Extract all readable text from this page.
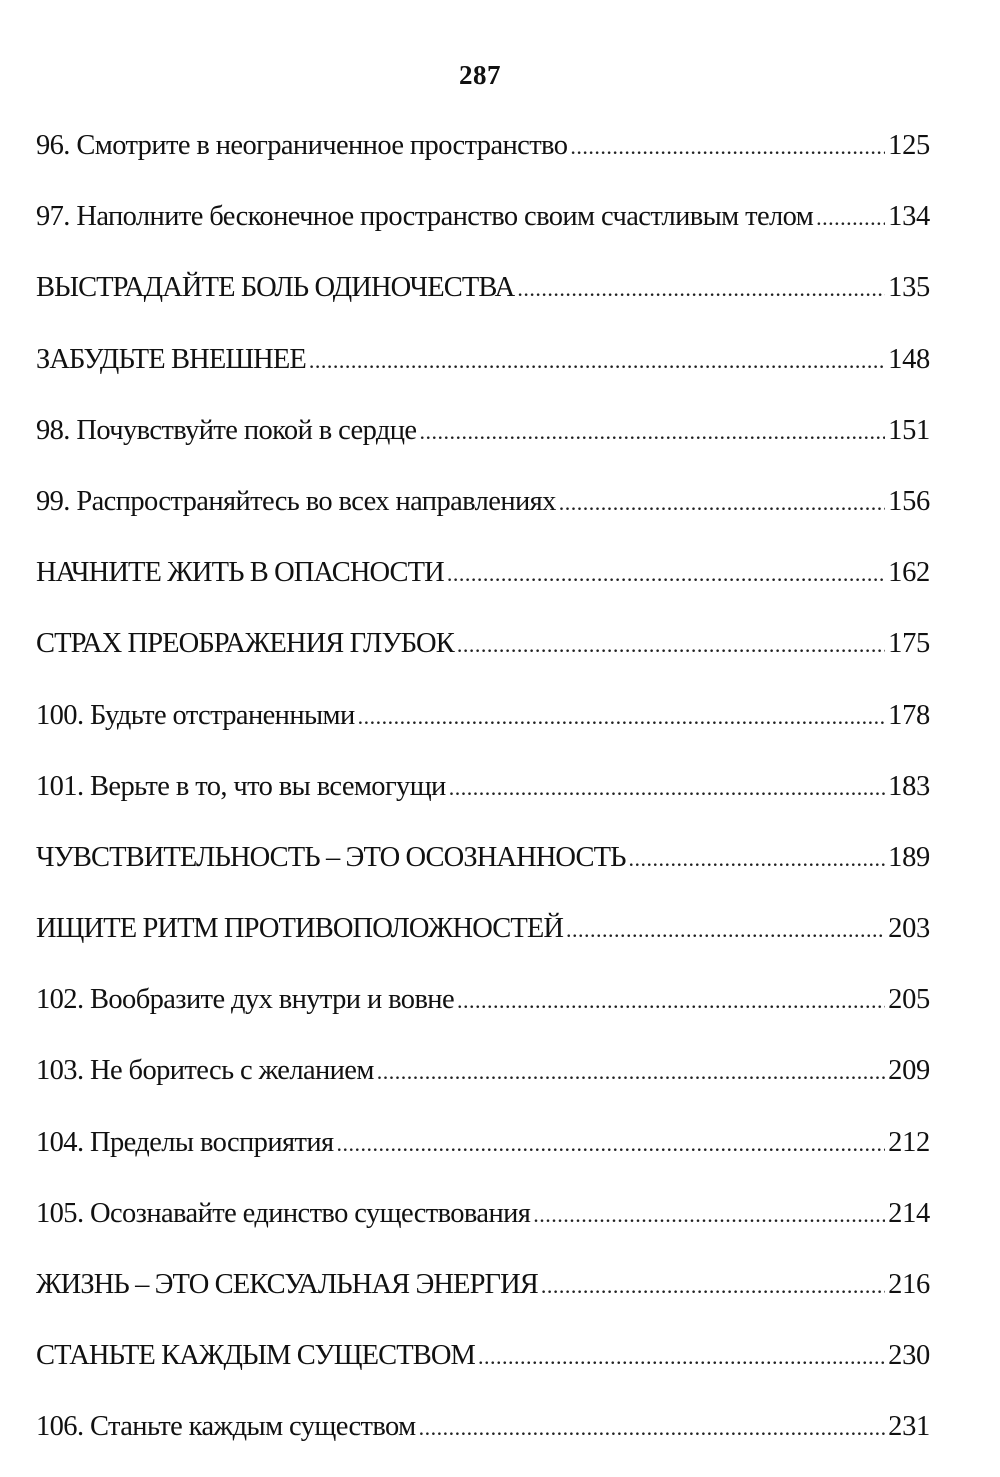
287
96. Смотрите в неограниченное пространство .....	125
97. Наполните бесконечное пространство своим счастливым телом .....	134
ВЫСТРАДАЙТЕ БОЛЬ ОДИНОЧЕСТВА .....	135
ЗАБУДЬТЕ ВНЕШНЕЕ .....	148
98. Почувствуйте покой в сердце .....	151
99. Распространяйтесь во всех направлениях .....	156
НАЧНИТЕ ЖИТЬ В ОПАСНОСТИ .....	162
СТРАХ ПРЕОБРАЖЕНИЯ ГЛУБОК .....	175
100. Будьте отстраненными .....	178
101. Верьте в то, что вы всемогущи .....	183
ЧУВСТВИТЕЛЬНОСТЬ – ЭТО ОСОЗНАННОСТЬ .....	189
ИЩИТЕ РИТМ ПРОТИВОПОЛОЖНОСТЕЙ .....	203
102. Вообразите дух внутри и вовне .....	205
103. Не боритесь с желанием .....	209
104. Пределы восприятия .....	212
105. Осознавайте единство существования .....	214
ЖИЗНЬ – ЭТО СЕКСУАЛЬНАЯ ЭНЕРГИЯ .....	216
СТАНЬТЕ КАЖДЫМ СУЩЕСТВОМ .....	230
106. Станьте каждым существом .....	231
